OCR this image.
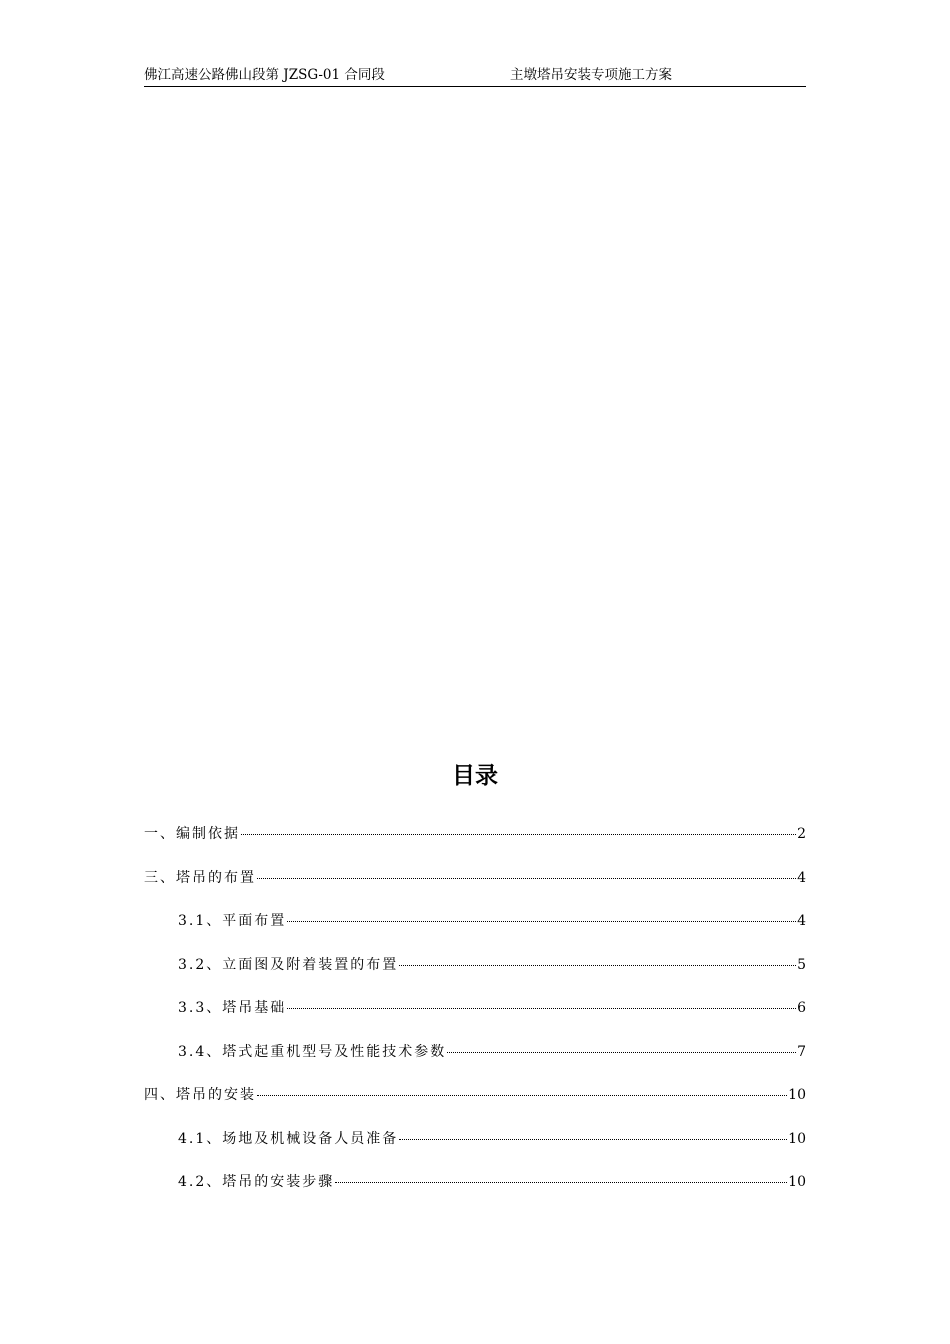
佛江高速公路佛山段第 JZSG-01 合同段	主墩塔吊安装专项施工方案
目录
一、编制依据	2
三、塔吊的布置	4
3.1、平面布置	4
3.2、立面图及附着装置的布置	5
3.3、塔吊基础	6
3.4、塔式起重机型号及性能技术参数	7
四、塔吊的安装	10
4.1、场地及机械设备人员准备	10
4.2、塔吊的安装步骤	10
